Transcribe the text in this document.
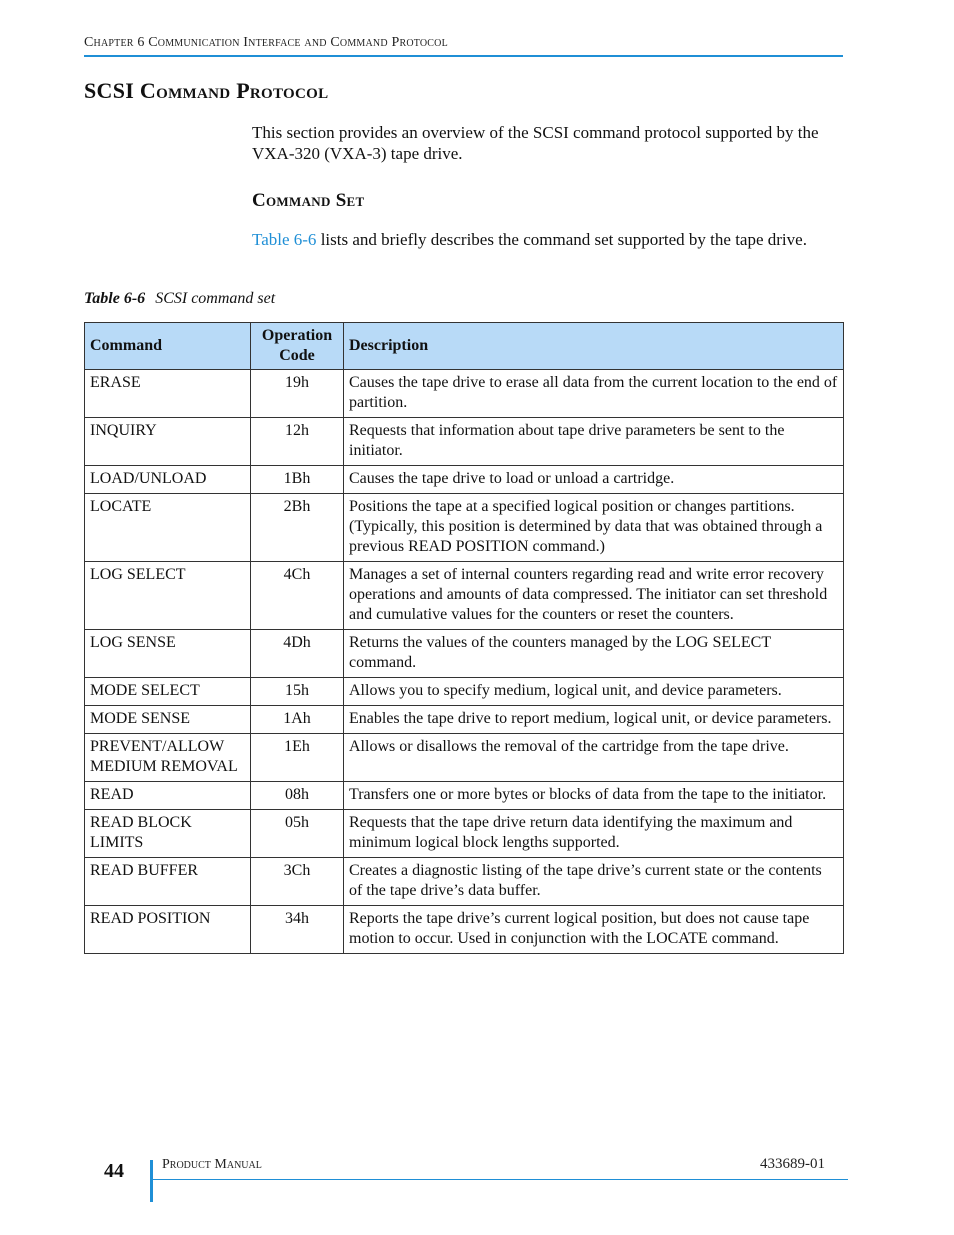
Chapter 6 Communication Interface and Command Protocol
SCSI Command Protocol
This section provides an overview of the SCSI command protocol supported by the VXA-320 (VXA-3) tape drive.
Command Set
Table 6-6 lists and briefly describes the command set supported by the tape drive.
Table 6-6 SCSI command set
Command	Operation Code	Description
ERASE	19h	Causes the tape drive to erase all data from the current location to the end of partition.
INQUIRY	12h	Requests that information about tape drive parameters be sent to the initiator.
LOAD/UNLOAD	1Bh	Causes the tape drive to load or unload a cartridge.
LOCATE	2Bh	Positions the tape at a specified logical position or changes partitions. (Typically, this position is determined by data that was obtained through a previous READ POSITION command.)
LOG SELECT	4Ch	Manages a set of internal counters regarding read and write error recovery operations and amounts of data compressed. The initiator can set threshold and cumulative values for the counters or reset the counters.
LOG SENSE	4Dh	Returns the values of the counters managed by the LOG SELECT command.
MODE SELECT	15h	Allows you to specify medium, logical unit, and device parameters.
MODE SENSE	1Ah	Enables the tape drive to report medium, logical unit, or device parameters.
PREVENT/ALLOW MEDIUM REMOVAL	1Eh	Allows or disallows the removal of the cartridge from the tape drive.
READ	08h	Transfers one or more bytes or blocks of data from the tape to the initiator.
READ BLOCK LIMITS	05h	Requests that the tape drive return data identifying the maximum and minimum logical block lengths supported.
READ BUFFER	3Ch	Creates a diagnostic listing of the tape drive’s current state or the contents of the tape drive’s data buffer.
READ POSITION	34h	Reports the tape drive’s current logical position, but does not cause tape motion to occur. Used in conjunction with the LOCATE command.
44	Product Manual	433689-01
